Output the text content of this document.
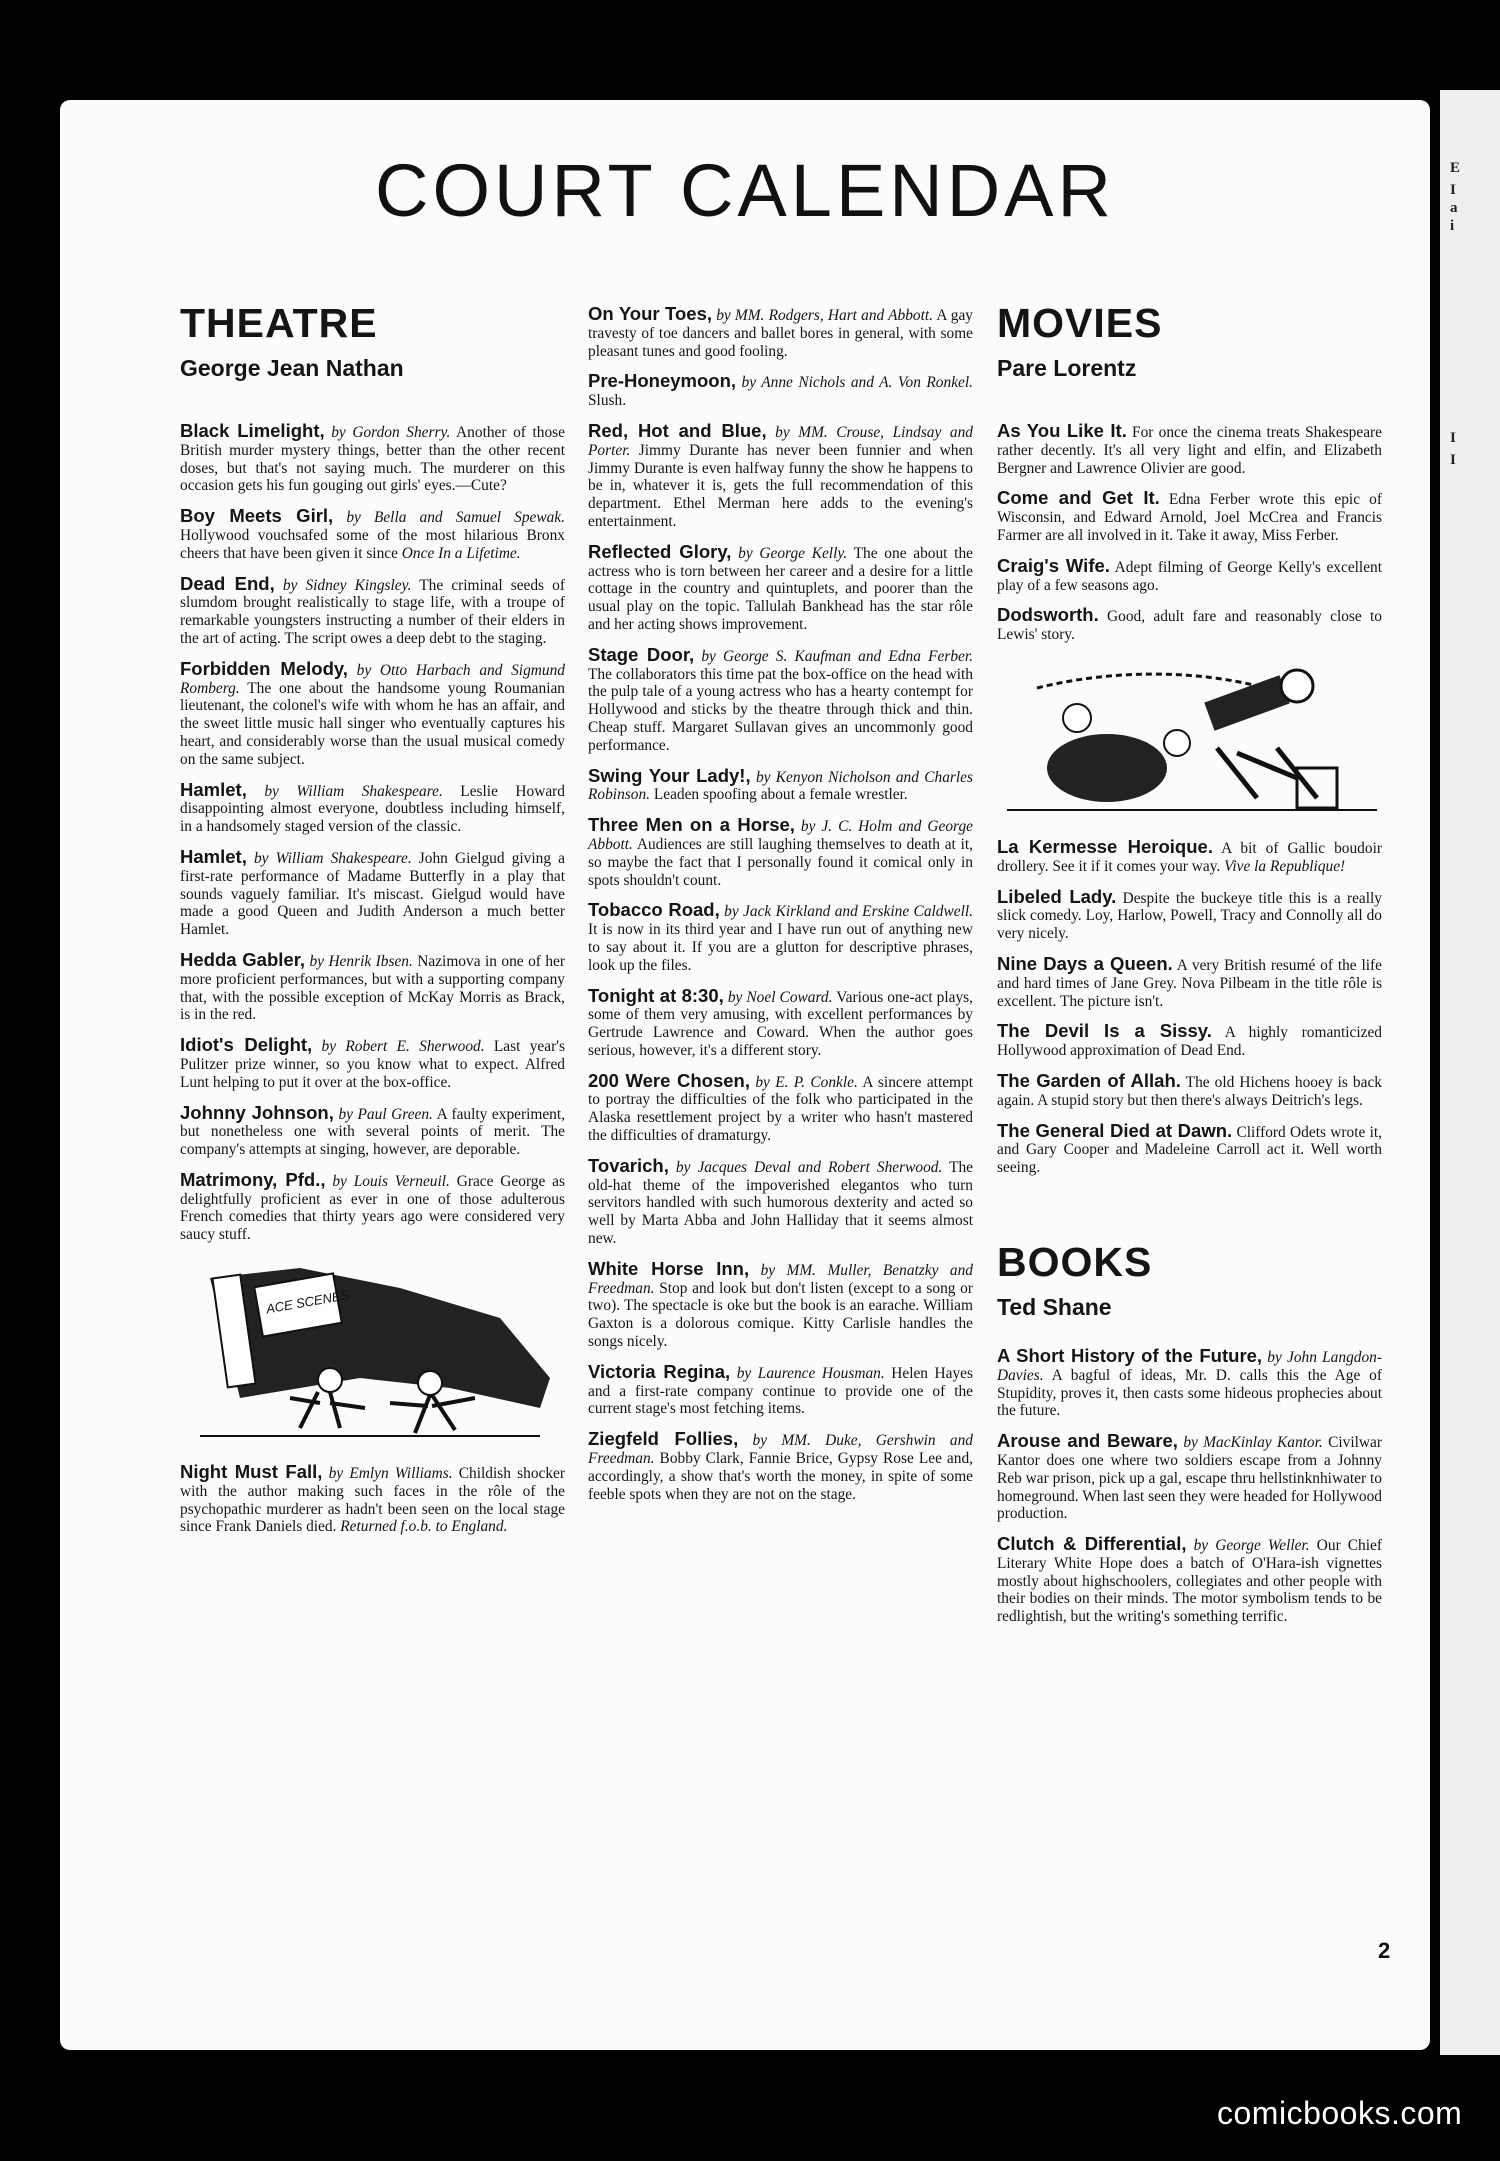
E
I
a
i
I
I
COURT CALENDAR
THEATRE
George Jean Nathan

Black Limelight, by Gordon Sherry. Another of those British murder mystery things, better than the other recent doses, but that's not saying much. The murderer on this occasion gets his fun gouging out girls' eyes.—Cute?

Boy Meets Girl, by Bella and Samuel Spewak. Hollywood vouchsafed some of the most hilarious Bronx cheers that have been given it since Once In a Lifetime.

Dead End, by Sidney Kingsley. The criminal seeds of slumdom brought realistically to stage life, with a troupe of remarkable youngsters instructing a number of their elders in the art of acting. The script owes a deep debt to the staging.

Forbidden Melody, by Otto Harbach and Sigmund Romberg. The one about the handsome young Roumanian lieutenant, the colonel's wife with whom he has an affair, and the sweet little music hall singer who eventually captures his heart, and considerably worse than the usual musical comedy on the same subject.

Hamlet, by William Shakespeare. Leslie Howard disappointing almost everyone, doubtless including himself, in a handsomely staged version of the classic.

Hamlet, by William Shakespeare. John Gielgud giving a first-rate performance of Madame Butterfly in a play that sounds vaguely familiar. It's miscast. Gielgud would have made a good Queen and Judith Anderson a much better Hamlet.

Hedda Gabler, by Henrik Ibsen. Nazimova in one of her more proficient performances, but with a supporting company that, with the possible exception of McKay Morris as Brack, is in the red.

Idiot's Delight, by Robert E. Sherwood. Last year's Pulitzer prize winner, so you know what to expect. Alfred Lunt helping to put it over at the box-office.

Johnny Johnson, by Paul Green. A faulty experiment, but nonetheless one with several points of merit. The company's attempts at singing, however, are deporable.

Matrimony, Pfd., by Louis Verneuil. Grace George as delightfully proficient as ever in one of those adulterous French comedies that thirty years ago were considered very saucy stuff.

ACE SCENES

Night Must Fall, by Emlyn Williams. Childish shocker with the author making such faces in the rôle of the psychopathic murderer as hadn't been seen on the local stage since Frank Daniels died. Returned f.o.b. to England.

On Your Toes, by MM. Rodgers, Hart and Abbott. A gay travesty of toe dancers and ballet bores in general, with some pleasant tunes and good fooling.

Pre-Honeymoon, by Anne Nichols and A. Von Ronkel. Slush.

Red, Hot and Blue, by MM. Crouse, Lindsay and Porter. Jimmy Durante has never been funnier and when Jimmy Durante is even halfway funny the show he happens to be in, whatever it is, gets the full recommendation of this department. Ethel Merman here adds to the evening's entertainment.

Reflected Glory, by George Kelly. The one about the actress who is torn between her career and a desire for a little cottage in the country and quintuplets, and poorer than the usual play on the topic. Tallulah Bankhead has the star rôle and her acting shows improvement.

Stage Door, by George S. Kaufman and Edna Ferber. The collaborators this time pat the box-office on the head with the pulp tale of a young actress who has a hearty contempt for Hollywood and sticks by the theatre through thick and thin. Cheap stuff. Margaret Sullavan gives an uncommonly good performance.

Swing Your Lady!, by Kenyon Nicholson and Charles Robinson. Leaden spoofing about a female wrestler.

Three Men on a Horse, by J. C. Holm and George Abbott. Audiences are still laughing themselves to death at it, so maybe the fact that I personally found it comical only in spots shouldn't count.

Tobacco Road, by Jack Kirkland and Erskine Caldwell. It is now in its third year and I have run out of anything new to say about it. If you are a glutton for descriptive phrases, look up the files.

Tonight at 8:30, by Noel Coward. Various one-act plays, some of them very amusing, with excellent performances by Gertrude Lawrence and Coward. When the author goes serious, however, it's a different story.

200 Were Chosen, by E. P. Conkle. A sincere attempt to portray the difficulties of the folk who participated in the Alaska resettlement project by a writer who hasn't mastered the difficulties of dramaturgy.

Tovarich, by Jacques Deval and Robert Sherwood. The old-hat theme of the impoverished elegantos who turn servitors handled with such humorous dexterity and acted so well by Marta Abba and John Halliday that it seems almost new.

White Horse Inn, by MM. Muller, Benatzky and Freedman. Stop and look but don't listen (except to a song or two). The spectacle is oke but the book is an earache. William Gaxton is a dolorous comique. Kitty Carlisle handles the songs nicely.

Victoria Regina, by Laurence Housman. Helen Hayes and a first-rate company continue to provide one of the current stage's most fetching items.

Ziegfeld Follies, by MM. Duke, Gershwin and Freedman. Bobby Clark, Fannie Brice, Gypsy Rose Lee and, accordingly, a show that's worth the money, in spite of some feeble spots when they are not on the stage.

MOVIES
Pare Lorentz

As You Like It. For once the cinema treats Shakespeare rather decently. It's all very light and elfin, and Elizabeth Bergner and Lawrence Olivier are good.

Come and Get It. Edna Ferber wrote this epic of Wisconsin, and Edward Arnold, Joel McCrea and Francis Farmer are all involved in it. Take it away, Miss Ferber.

Craig's Wife. Adept filming of George Kelly's excellent play of a few seasons ago.

Dodsworth. Good, adult fare and reasonably close to Lewis' story.

La Kermesse Heroique. A bit of Gallic boudoir drollery. See it if it comes your way. Vive la Republique!

Libeled Lady. Despite the buckeye title this is a really slick comedy. Loy, Harlow, Powell, Tracy and Connolly all do very nicely.

Nine Days a Queen. A very British resumé of the life and hard times of Jane Grey. Nova Pilbeam in the title rôle is excellent. The picture isn't.

The Devil Is a Sissy. A highly romanticized Hollywood approximation of Dead End.

The Garden of Allah. The old Hichens hooey is back again. A stupid story but then there's always Deitrich's legs.

The General Died at Dawn. Clifford Odets wrote it, and Gary Cooper and Madeleine Carroll act it. Well worth seeing.

BOOKS
Ted Shane

A Short History of the Future, by John Langdon-Davies. A bagful of ideas, Mr. D. calls this the Age of Stupidity, proves it, then casts some hideous prophecies about the future.

Arouse and Beware, by MacKinlay Kantor. Civilwar Kantor does one where two soldiers escape from a Johnny Reb war prison, pick up a gal, escape thru hellstinknhiwater to homeground. When last seen they were headed for Hollywood production.

Clutch & Differential, by George Weller. Our Chief Literary White Hope does a batch of O'Hara-ish vignettes mostly about highschoolers, collegiates and other people with their bodies on their minds. The motor symbolism tends to be redlightish, but the writing's something terrific.

2
comicbooks.com
